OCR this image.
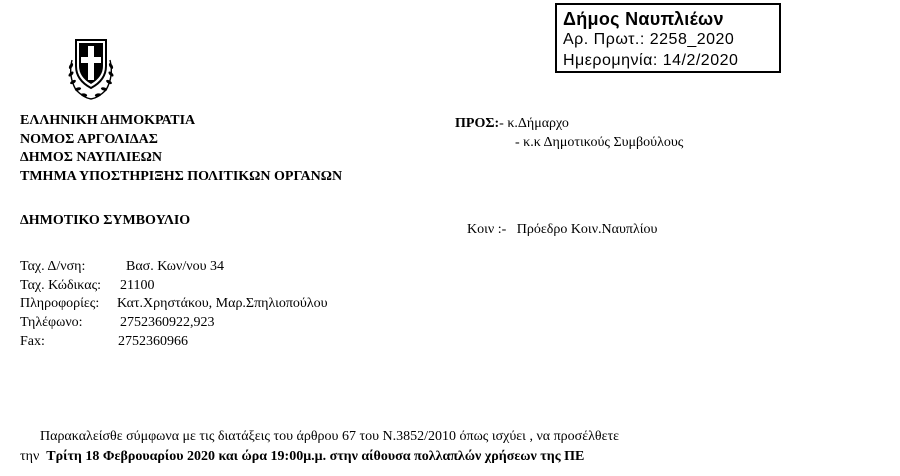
Δήμος Ναυπλιέων
Αρ. Πρωτ.: 2258_2020
Ημερομηνία: 14/2/2020
ΕΛΛΗΝΙΚΗ ΔΗΜΟΚΡΑΤΙΑ
ΝΟΜΟΣ ΑΡΓΟΛΙΔΑΣ
ΔΗΜΟΣ ΝΑΥΠΛΙΕΩΝ
ΤΜΗΜΑ ΥΠΟΣΤΗΡΙΞΗΣ ΠΟΛΙΤΙΚΩΝ ΟΡΓΑΝΩΝ
ΔΗΜΟΤΙΚΟ ΣΥΜΒΟΥΛΙΟ
ΠΡΟΣ:- κ.Δήμαρχο
- κ.κ Δημοτικούς Συμβούλους
Κοιν :- Πρόεδρο Κοιν.Ναυπλίου
Ταχ. Δ/νση:	Βασ. Κων/νου 34
Ταχ. Κώδικας: 21100
Πληροφορίες: Κατ.Χρηστάκου, Μαρ.Σπηλιοπούλου
Τηλέφωνο:	2752360922,923
Fax:	2752360966
Παρακαλείσθε σύμφωνα με τις διατάξεις του άρθρου 67 του Ν.3852/2010 όπως ισχύει , να προσέλθετε
την Τρίτη 18 Φεβρουαρίου 2020 και ώρα 19:00μ.μ. στην αίθουσα πολλαπλών χρήσεων της ΠΕ
